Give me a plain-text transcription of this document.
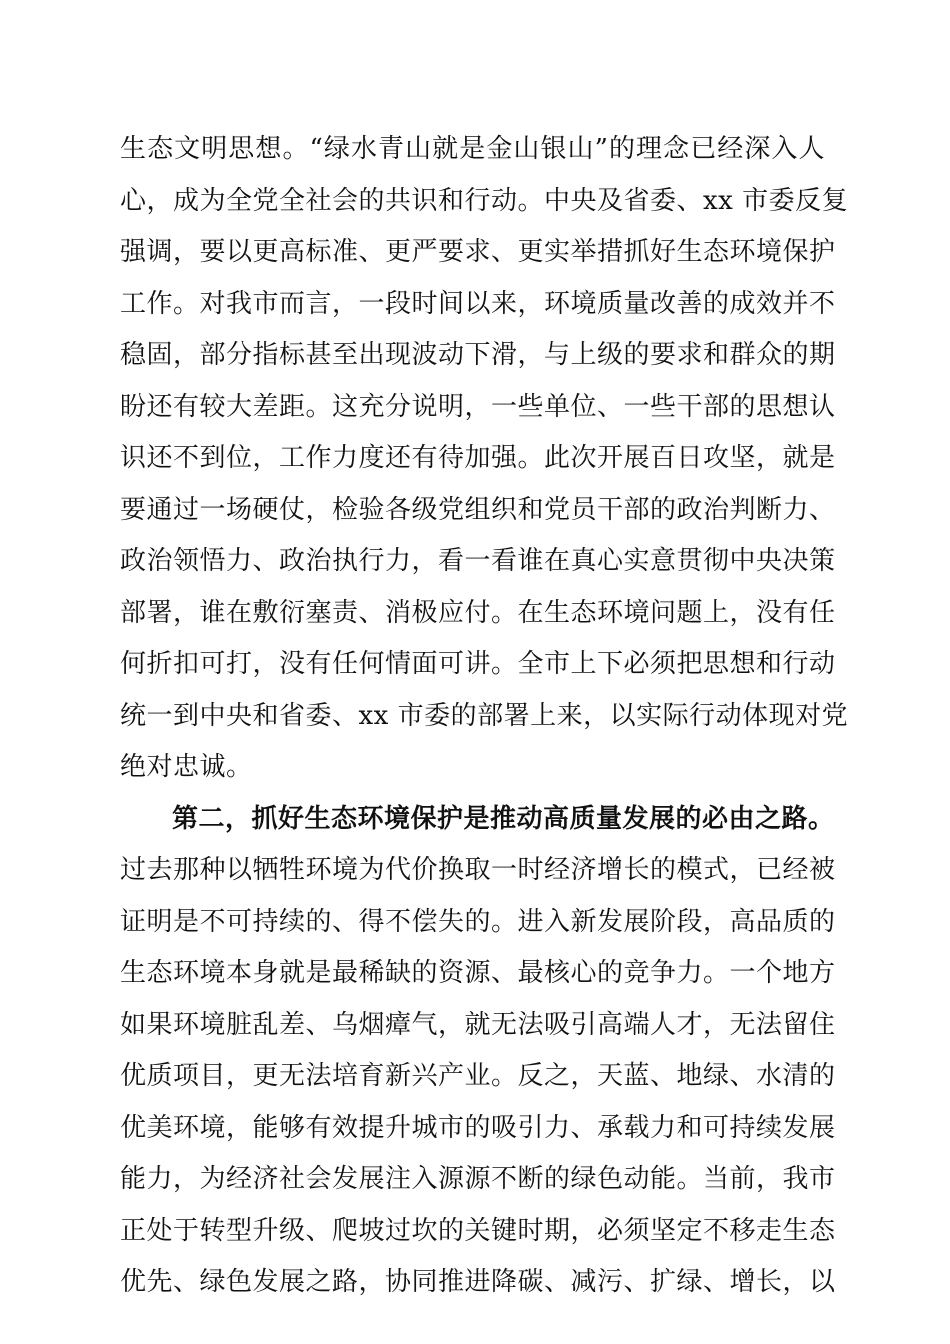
生态文明思想。“绿水青山就是金山银山”的理念已经深入人
心，成为全党全社会的共识和行动。中央及省委、xx 市委反复
强调，要以更高标准、更严要求、更实举措抓好生态环境保护
工作。对我市而言，一段时间以来，环境质量改善的成效并不
稳固，部分指标甚至出现波动下滑，与上级的要求和群众的期
盼还有较大差距。这充分说明，一些单位、一些干部的思想认
识还不到位，工作力度还有待加强。此次开展百日攻坚，就是
要通过一场硬仗，检验各级党组织和党员干部的政治判断力、
政治领悟力、政治执行力，看一看谁在真心实意贯彻中央决策
部署，谁在敷衍塞责、消极应付。在生态环境问题上，没有任
何折扣可打，没有任何情面可讲。全市上下必须把思想和行动
统一到中央和省委、xx 市委的部署上来，以实际行动体现对党
绝对忠诚。
第二，抓好生态环境保护是推动高质量发展的必由之路。
过去那种以牺牲环境为代价换取一时经济增长的模式，已经被
证明是不可持续的、得不偿失的。进入新发展阶段，高品质的
生态环境本身就是最稀缺的资源、最核心的竞争力。一个地方
如果环境脏乱差、乌烟瘴气，就无法吸引高端人才，无法留住
优质项目，更无法培育新兴产业。反之，天蓝、地绿、水清的
优美环境，能够有效提升城市的吸引力、承载力和可持续发展
能力，为经济社会发展注入源源不断的绿色动能。当前，我市
正处于转型升级、爬坡过坎的关键时期，必须坚定不移走生态
优先、绿色发展之路，协同推进降碳、减污、扩绿、增长，以
